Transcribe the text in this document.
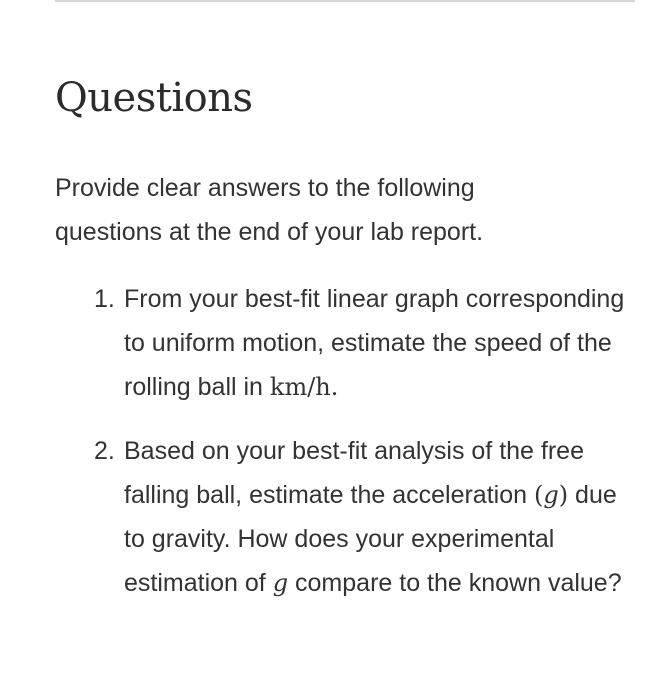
Questions

Provide clear answers to the following questions at the end of your lab report.

1. From your best-fit linear graph corresponding to uniform motion, estimate the speed of the rolling ball in km/h.
2. Based on your best-fit analysis of the free falling ball, estimate the acceleration (g) due to gravity. How does your experimental estimation of g compare to the known value?
